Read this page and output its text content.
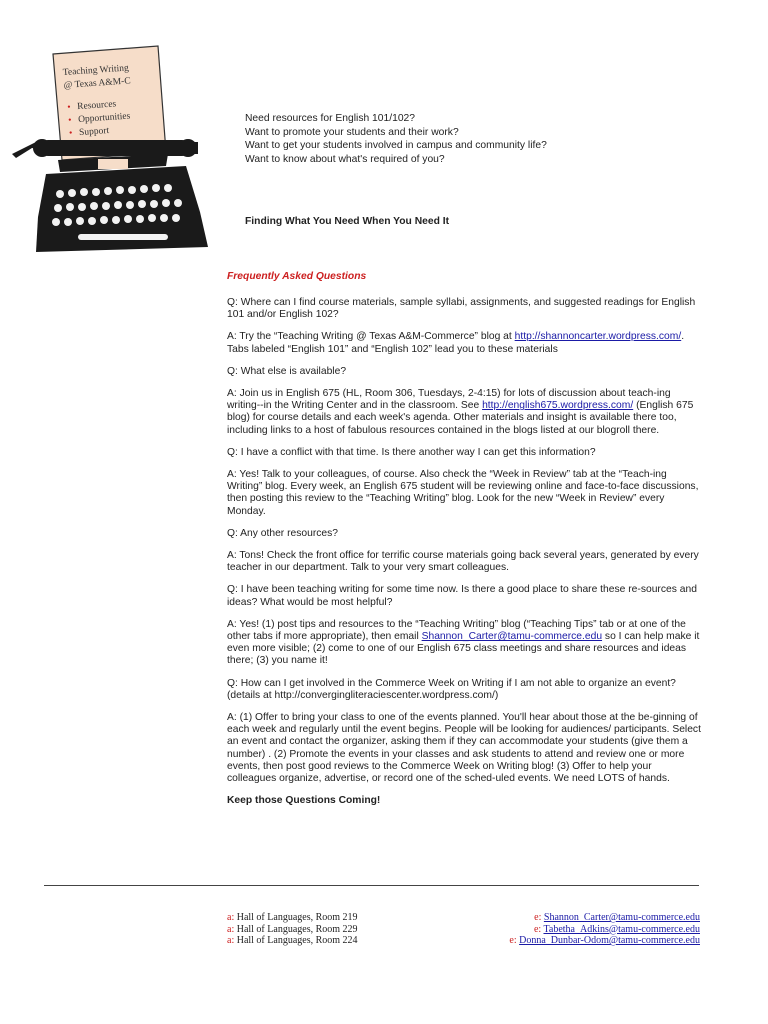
Teaching Writing
@ Texas A&M-C
• Resources
• Opportunities
• Support
Need resources for English 101/102?
Want to promote your students and their work?
Want to get your students involved in campus and community life?
Want to know about what's required of you?
Finding What You Need When You Need It
Frequently Asked Questions

Q: Where can I find course materials, sample syllabi, assignments, and suggested readings for English 101 and/or English 102?

A: Try the “Teaching Writing @ Texas A&M-Commerce” blog at http://shannoncarter.wordpress.com/. Tabs labeled “English 101” and “English 102” lead you to these materials

Q: What else is available?

A: Join us in English 675 (HL, Room 306, Tuesdays, 2-4:15) for lots of discussion about teach-ing writing--in the Writing Center and in the classroom. See http://english675.wordpress.com/ (English 675 blog) for course details and each week's agenda. Other materials and insight is available there too, including links to a host of fabulous resources contained in the blogs listed at our blogroll there.

Q: I have a conflict with that time. Is there another way I can get this information?

A: Yes! Talk to your colleagues, of course. Also check the “Week in Review” tab at the “Teach-ing Writing” blog. Every week, an English 675 student will be reviewing online and face-to-face discussions, then posting this review to the “Teaching Writing” blog. Look for the new “Week in Review” every Monday.

Q: Any other resources?

A: Tons! Check the front office for terrific course materials going back several years, generated by every teacher in our department. Talk to your very smart colleagues.

Q: I have been teaching writing for some time now. Is there a good place to share these re-sources and ideas? What would be most helpful?

A: Yes! (1) post tips and resources to the “Teaching Writing” blog (“Teaching Tips” tab or at one of the other tabs if more appropriate), then email Shannon_Carter@tamu-commerce.edu so I can help make it even more visible; (2) come to one of our English 675 class meetings and share resources and ideas there; (3) you name it!

Q: How can I get involved in the Commerce Week on Writing if I am not able to organize an event? (details at http://convergingliteraciescenter.wordpress.com/)

A: (1) Offer to bring your class to one of the events planned. You'll hear about those at the be-ginning of each week and regularly until the event begins. People will be looking for audiences/ participants. Select an event and contact the organizer, asking them if they can accommodate your students (give them a number) . (2) Promote the events in your classes and ask students to attend and review one or more events, then post good reviews to the Commerce Week on Writing blog! (3) Offer to help your colleagues organize, advertise, or record one of the sched-uled events. We need LOTS of hands.

Keep those Questions Coming!

a: Hall of Languages, Room 219
a: Hall of Languages, Room 229
a: Hall of Languages, Room 224
e: Shannon_Carter@tamu-commerce.edu
e: Tabetha_Adkins@tamu-commerce.edu
e: Donna_Dunbar-Odom@tamu-commerce.edu
